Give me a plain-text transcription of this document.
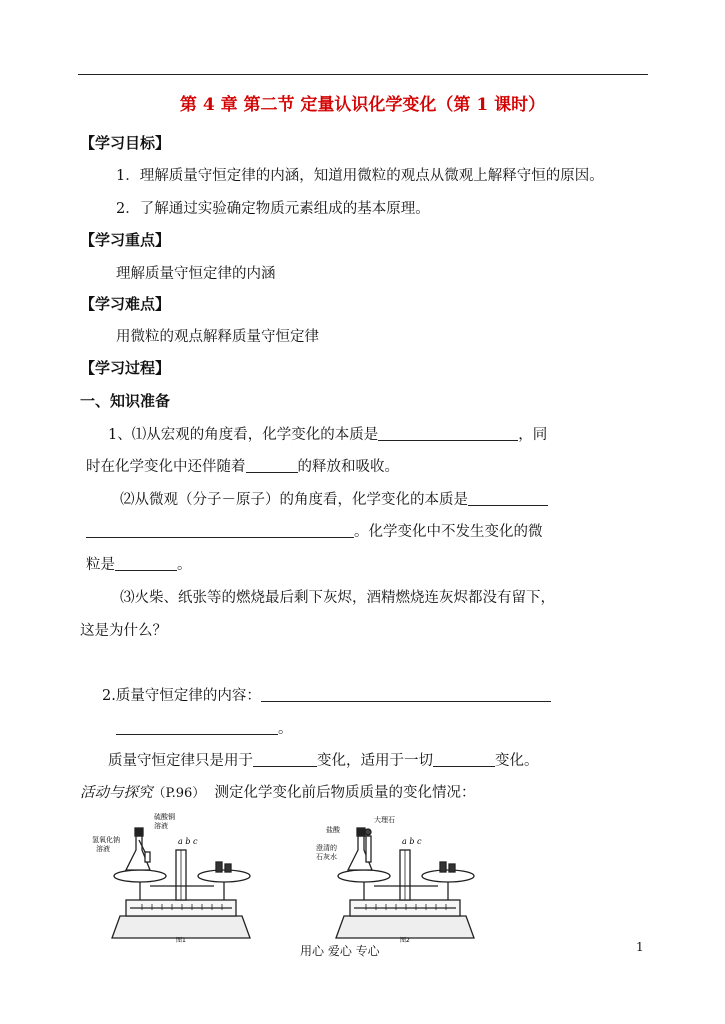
第 4 章 第二节 定量认识化学变化（第 1 课时）
【学习目标】
1．理解质量守恒定律的内涵，知道用微粒的观点从微观上解释守恒的原因。
2．了解通过实验确定物质元素组成的基本原理。
【学习重点】
理解质量守恒定律的内涵
【学习难点】
用微粒的观点解释质量守恒定律
【学习过程】
一、知识准备
1、⑴从宏观的角度看，化学变化的本质是	，同
时在化学变化中还伴随着	的释放和吸收。
⑵从微观（分子－原子）的角度看，化学变化的本质是
。化学变化中不发生变化的微
粒是	。
⑶火柴、纸张等的燃烧最后剩下灰烬，酒精燃烧连灰烬都没有留下，
这是为什么？
2.质量守恒定律的内容：
。
质量守恒定律只是用于	变化，适用于一切	变化。
活动与探究（P.96） 测定化学变化前后物质质量的变化情况：
氢氧化钠
溶液
硫酸铜
溶液
a b c
图1
盐酸
澄清的
石灰水
大理石
a b c
图2
用心 爱心 专心	1
